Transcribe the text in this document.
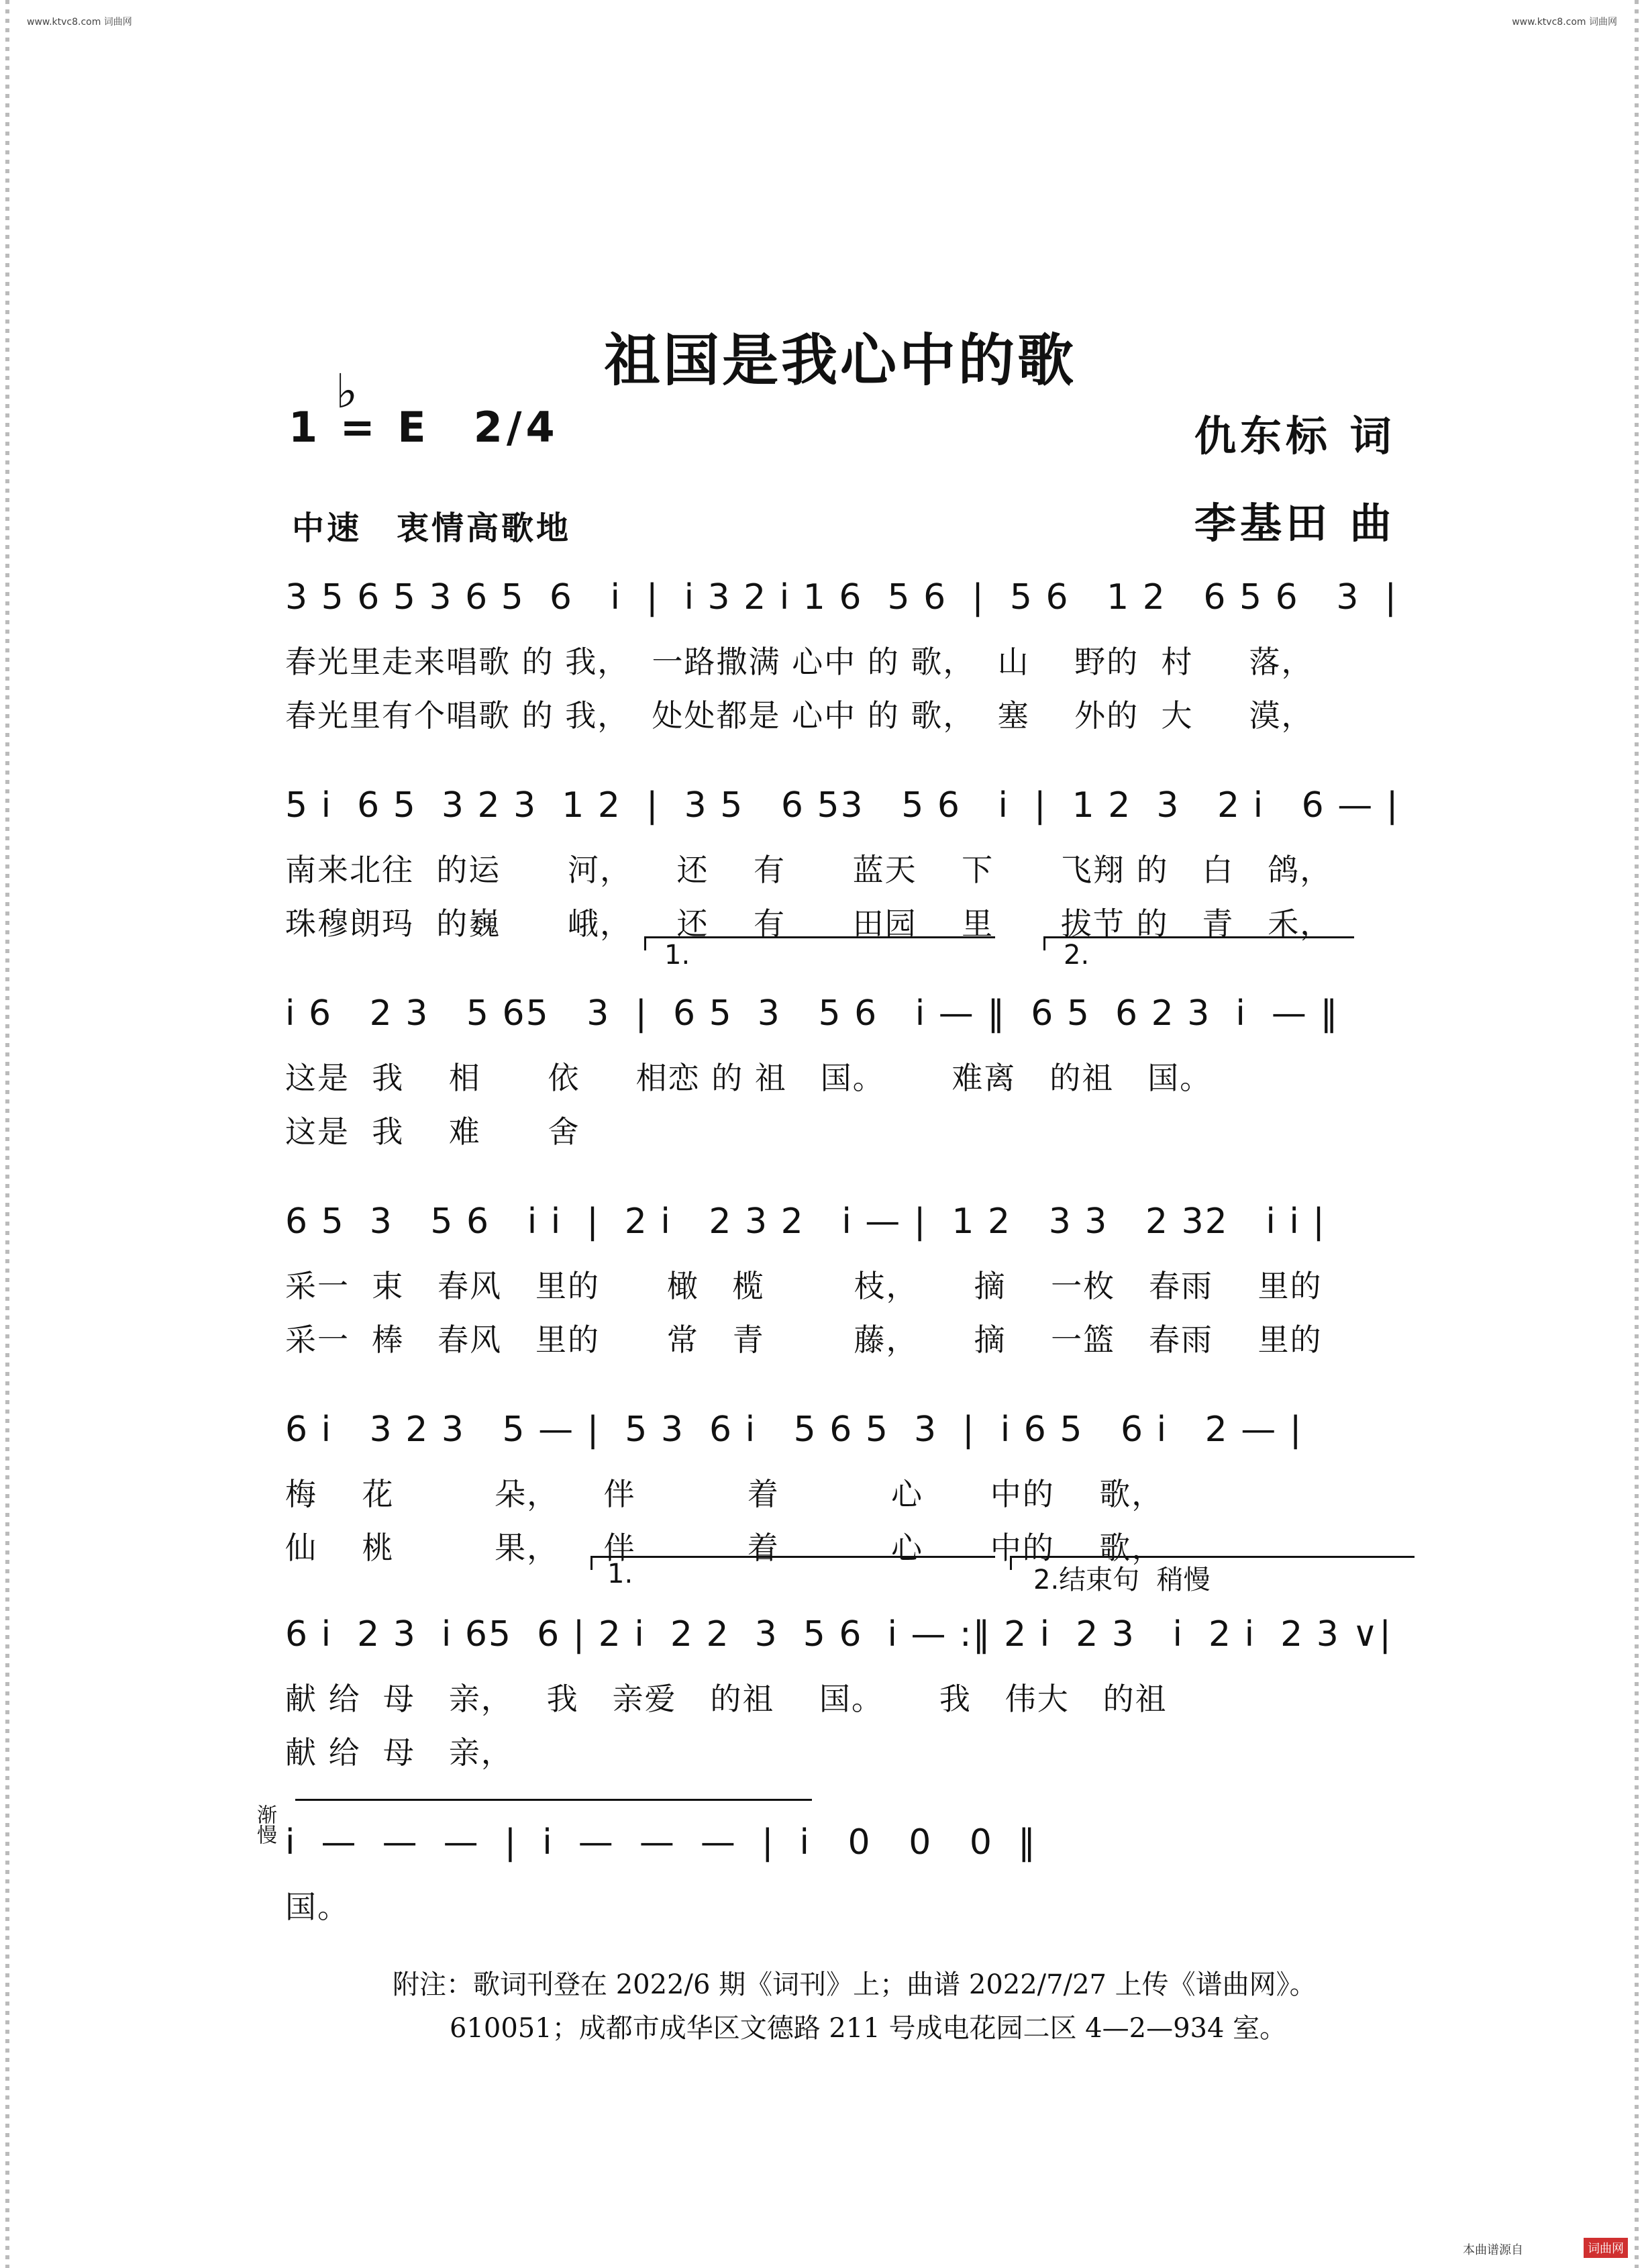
www.ktvc8.com 词曲网	www.ktvc8.com 词曲网
祖国是我心中的歌
1 = E
♭
2/4	仇东标 词
李基田 曲
中速　衷情高歌地
3 5 6 5 3 6 5  6   i  |  i 3 2 i 1 6  5 6  |  5 6   1 2   6 5 6   3  |
春光里走来唱歌 的 我，  一路撒满 心中 的 歌，  山    野的  村     落，
春光里有个唱歌 的 我，  处处都是 心中 的 歌，  塞    外的  大     漠，
5 i  6 5  3 2 3  1 2  |  3 5   6 53   5 6   i  |  1 2  3   2 i   6 — |
南来北往  的运      河，    还    有      蓝天    下      飞翔 的   白   鸽，
珠穆朗玛  的巍      峨，    还    有      田园    里      拔节 的   青   禾，
1.	2.
i 6   2 3   5 65   3  |  6 5  3   5 6   i — ‖  6 5  6 2 3  i  — ‖
这是  我    相      依     相恋 的 祖   国。      难离   的祖   国。
这是  我    难      舍
6 5  3   5 6   i i  |  2 i   2 3 2   i — |  1 2   3 3   2 32   i i |
采一  束   春风   里的      橄   榄        枝，     摘    一枚   春雨    里的
采一  棒   春风   里的      常   青        藤，     摘    一篮   春雨    里的
6 i   3 2 3   5 — |  5 3  6 i   5 6 5  3  |  i 6 5   6 i   2 — |
梅    花         朵，    伴          着          心      中的    歌，
仙    桃         果，    伴          着          心      中的    歌，
1.	2.结束句  稍慢
6 i  2 3  i 65  6 | 2 i  2 2  3  5 6  i — :‖ 2 i  2 3   i  2 i  2 3 ∨|
献 给  母   亲，   我   亲爱   的祖    国。     我   伟大   的祖
献 给  母   亲，
渐慢 i  —  —  —  |  i  —  —  —  |  i   0   0   0  ‖
国。
附注：歌词刊登在 2022/6 期《词刊》上；曲谱 2022/7/27 上传《谱曲网》。
610051；成都市成华区文德路 211 号成电花园二区 4—2—934 室。
本曲谱源自	词曲网
